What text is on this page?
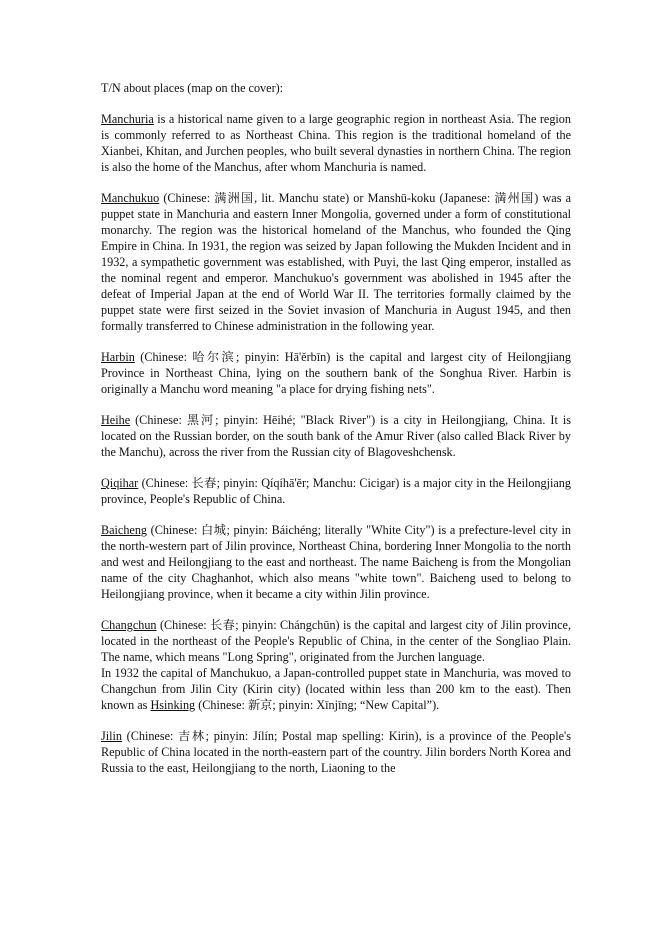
T/N about places (map on the cover):

Manchuria is a historical name given to a large geographic region in northeast Asia. The region is commonly referred to as Northeast China. This region is the traditional homeland of the Xianbei, Khitan, and Jurchen peoples, who built several dynasties in northern China. The region is also the home of the Manchus, after whom Manchuria is named.

Manchukuo (Chinese: 满洲国, lit. Manchu state) or Manshū-koku (Japanese: 満州国) was a puppet state in Manchuria and eastern Inner Mongolia, governed under a form of constitutional monarchy. The region was the historical homeland of the Manchus, who founded the Qing Empire in China. In 1931, the region was seized by Japan following the Mukden Incident and in 1932, a sympathetic government was established, with Puyi, the last Qing emperor, installed as the nominal regent and emperor. Manchukuo's government was abolished in 1945 after the defeat of Imperial Japan at the end of World War II. The territories formally claimed by the puppet state were first seized in the Soviet invasion of Manchuria in August 1945, and then formally transferred to Chinese administration in the following year.

Harbin (Chinese: 哈尔滨; pinyin: Hā'ěrbīn) is the capital and largest city of Heilongjiang Province in Northeast China, lying on the southern bank of the Songhua River. Harbin is originally a Manchu word meaning "a place for drying fishing nets".

Heihe (Chinese: 黑河; pinyin: Hēihé; "Black River") is a city in Heilongjiang, China. It is located on the Russian border, on the south bank of the Amur River (also called Black River by the Manchu), across the river from the Russian city of Blagoveshchensk.

Qiqihar (Chinese: 长春; pinyin: Qíqíhā'ěr; Manchu: Cicigar) is a major city in the Heilongjiang province, People's Republic of China.

Baicheng (Chinese: 白城; pinyin: Báichéng; literally "White City") is a prefecture-level city in the north-western part of Jilin province, Northeast China, bordering Inner Mongolia to the north and west and Heilongjiang to the east and northeast. The name Baicheng is from the Mongolian name of the city Chaghanhot, which also means "white town". Baicheng used to belong to Heilongjiang province, when it became a city within Jilin province.

Changchun (Chinese: 长春; pinyin: Chángchūn) is the capital and largest city of Jilin province, located in the northeast of the People's Republic of China, in the center of the Songliao Plain. The name, which means "Long Spring", originated from the Jurchen language.

In 1932 the capital of Manchukuo, a Japan-controlled puppet state in Manchuria, was moved to Changchun from Jilin City (Kirin city) (located within less than 200 km to the east). Then known as Hsinking (Chinese: 新京; pinyin: Xīnjīng; “New Capital”).

Jilin (Chinese: 吉林; pinyin: Jílín; Postal map spelling: Kirin), is a province of the People's Republic of China located in the north-eastern part of the country. Jilin borders North Korea and Russia to the east, Heilongjiang to the north, Liaoning to the
